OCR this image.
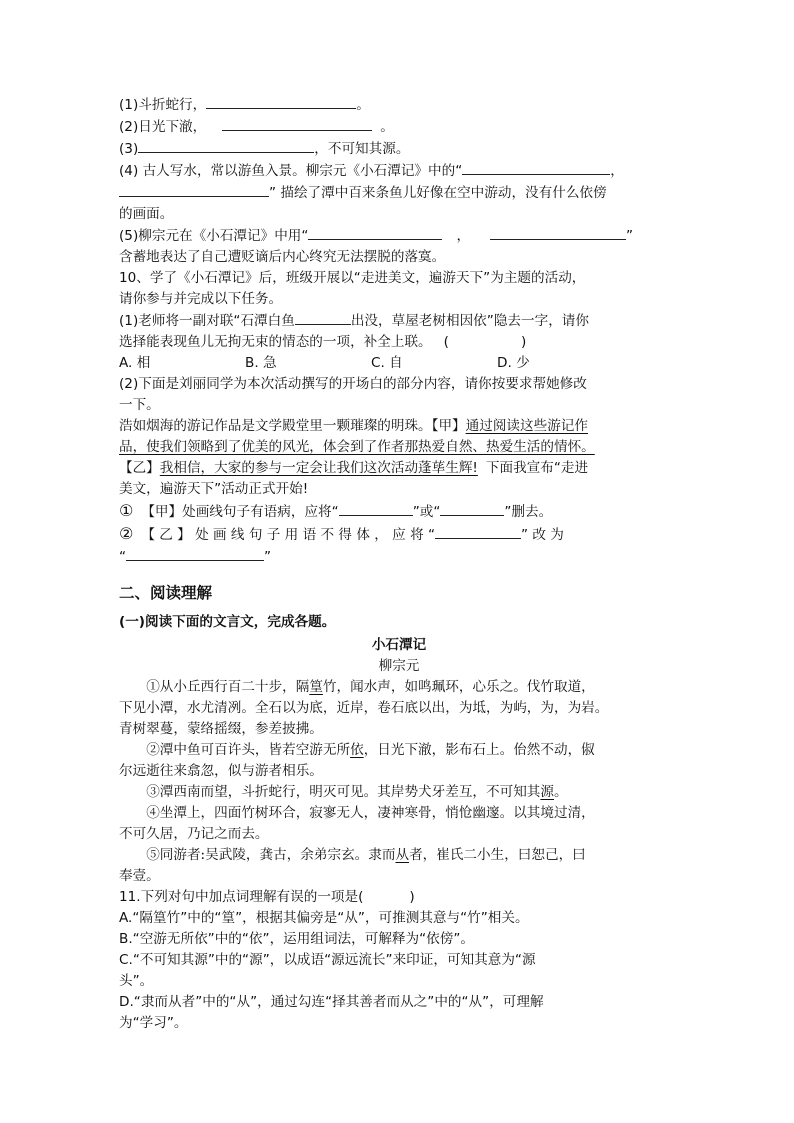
(1)斗折蛇行，	。
(2)日光下澈，	。
(3)	，不可知其源。
(4) 古人写水，常以游鱼入景。柳宗元《小石潭记》中的“	，
” 描绘了潭中百来条鱼儿好像在空中游动，没有什么依傍
的画面。
(5)柳宗元在《小石潭记》中用“	，	”
含蓄地表达了自己遭贬谪后内心终究无法摆脱的落寞。
10、学了《小石潭记》后，班级开展以“走进美文，遍游天下”为主题的活动，
请你参与并完成以下任务。
(1)老师将一副对联“石潭白鱼	出没，草屋老树相因依”隐去一字，请你
选择能表现鱼儿无拘无束的情态的一项，补全上联。 (	)
A. 相	B. 急	C. 自	D. 少
(2)下面是刘丽同学为本次活动撰写的开场白的部分内容，请你按要求帮她修改
一下。
浩如烟海的游记作品是文学殿堂里一颗璀璨的明珠。【甲】通过阅读这些游记作
品，使我们领略到了优美的风光，体会到了作者那热爱自然、热爱生活的情怀。
【乙】我相信，大家的参与一定会让我们这次活动蓬荜生辉! 下面我宣布“走进
美文，遍游天下”活动正式开始!
① 【甲】处画线句子有语病，应将“	”或“	”删去。
② 【 乙 】 处 画 线 句 子 用 语 不 得 体 ， 应 将 “	” 改 为
“	”
二、阅读理解
(一)阅读下面的文言文，完成各题。
小石潭记
柳宗元
①从小丘西行百二十步，隔篁竹，闻水声，如鸣珮环，心乐之。伐竹取道，
下见小潭，水尤清冽。全石以为底，近岸，卷石底以出，为坻，为屿，为，为岩。
青树翠蔓，蒙络摇缀，参差披拂。
②潭中鱼可百许头，皆若空游无所依，日光下澈，影布石上。佁然不动，俶
尔远逝往来翕忽，似与游者相乐。
③潭西南而望，斗折蛇行，明灭可见。其岸势犬牙差互，不可知其源。
④坐潭上，四面竹树环合，寂寥无人，凄神寒骨，悄怆幽邃。以其境过清，
不可久居，乃记之而去。
⑤同游者:吴武陵，龚古，余弟宗玄。隶而从者，崔氏二小生，曰恕己，曰
奉壹。
11.下列对句中加点词理解有误的一项是(	)
A.“隔篁竹”中的“篁”，根据其偏旁是“从”，可推测其意与“竹”相关。
B.“空游无所依”中的“依”，运用组词法，可解释为“依傍”。
C.“不可知其源”中的“源”，以成语“源远流长”来印证，可知其意为“源
头”。
D.“隶而从者”中的“从”，通过勾连“择其善者而从之”中的“从”，可理解
为“学习”。
